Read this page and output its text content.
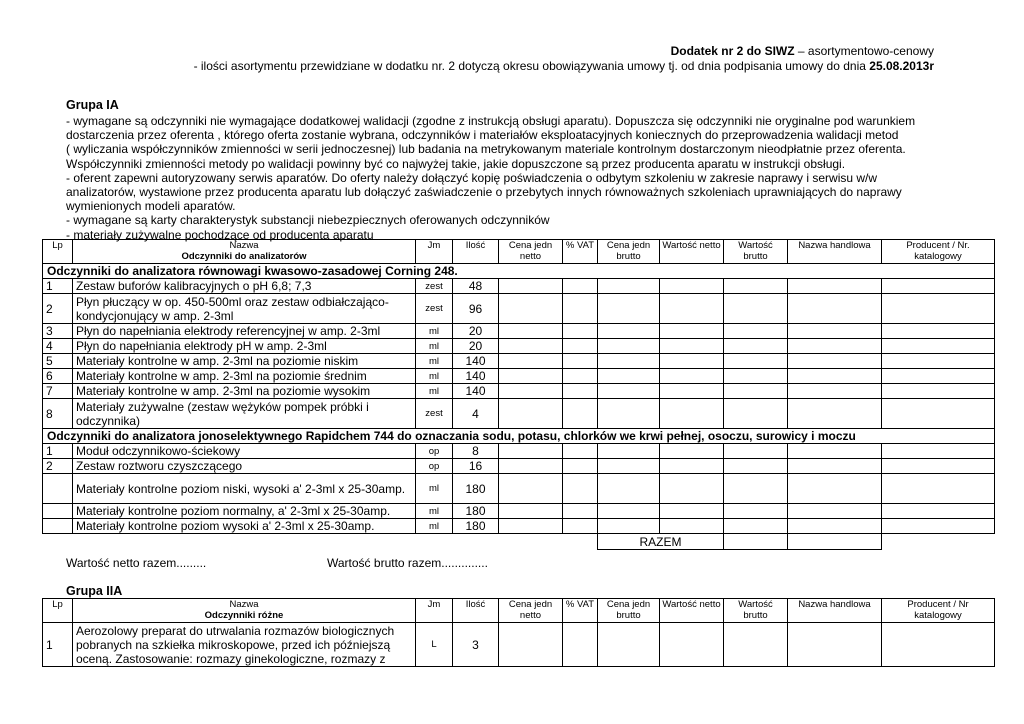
Dodatek nr 2 do SIWZ – asortymentowo-cenowy
- ilości asortymentu przewidziane w dodatku nr. 2 dotyczą okresu obowiązywania umowy tj. od dnia podpisania umowy do dnia 25.08.2013r
Grupa IA
- wymagane są odczynniki nie wymagające dodatkowej walidacji (zgodne z instrukcją obsługi aparatu). Dopuszcza się odczynniki nie oryginalne pod warunkiem
dostarczenia przez oferenta , którego oferta zostanie wybrana, odczynników i materiałów eksploatacyjnych koniecznych do przeprowadzenia walidacji metod
( wyliczania współczynników zmienności w serii jednoczesnej) lub badania na metrykowanym materiale kontrolnym dostarczonym nieodpłatnie przez oferenta.
Współczynniki zmienności metody po walidacji powinny być co najwyżej takie, jakie dopuszczone są przez producenta aparatu w instrukcji obsługi.
- oferent zapewni autoryzowany serwis aparatów. Do oferty należy dołączyć kopię poświadczenia o odbytym szkoleniu w zakresie naprawy i serwisu w/w
analizatorów, wystawione przez producenta aparatu lub dołączyć zaświadczenie o przebytych innych równoważnych szkoleniach uprawniających do naprawy
wymienionych modeli aparatów.
- wymagane są karty charakterystyk substancji niebezpiecznych oferowanych odczynników
- materiały zużywalne pochodzące od producenta aparatu
Lp	Nazwa
Odczynniki do analizatorów	Jm	Ilość	Cena jedn netto	% VAT	Cena jedn brutto	Wartość netto	Wartość brutto	Nazwa handlowa	Producent / Nr. katalogowy
Odczynniki do analizatora równowagi kwasowo-zasadowej Corning 248.										
1	Zestaw buforów kalibracyjnych o pH 6,8; 7,3	zest	48							
2	Płyn płuczący w op. 450-500ml oraz zestaw odbiałczająco-kondycjonujący w amp. 2-3ml	zest	96							
3	Płyn do napełniania elektrody referencyjnej w amp. 2-3ml	ml	20							
4	Płyn do napełniania elektrody pH w amp. 2-3ml	ml	20							
5	Materiały kontrolne w amp. 2-3ml na poziomie niskim	ml	140							
6	Materiały kontrolne w amp. 2-3ml na poziomie średnim	ml	140							
7	Materiały kontrolne w amp. 2-3ml na poziomie wysokim	ml	140							
8	Materiały zużywalne (zestaw wężyków pompek próbki i odczynnika)	zest	4							
Odczynniki do analizatora jonoselektywnego Rapidchem 744 do oznaczania sodu, potasu, chlorków we krwi pełnej, osoczu, surowicy i moczu										
1	Moduł odczynnikowo-ściekowy	op	8							
2	Zestaw roztworu czyszczącego	op	16							
	Materiały kontrolne poziom niski, wysoki a' 2-3ml x 25-30amp.	ml	180							
	Materiały kontrolne poziom normalny, a' 2-3ml x 25-30amp.	ml	180							
	Materiały kontrolne poziom wysoki a' 2-3ml x 25-30amp.	ml	180							
						RAZEM				
Wartość netto razem.........	Wartość brutto razem..............
Grupa IIA
Lp	Nazwa
Odczynniki różne	Jm	Ilość	Cena jedn netto	% VAT	Cena jedn brutto	Wartość netto	Wartość brutto	Nazwa handlowa	Producent / Nr katalogowy
1	Aerozolowy preparat do utrwalania rozmazów biologicznych pobranych na szkiełka mikroskopowe, przed ich późniejszą oceną. Zastosowanie: rozmazy ginekologiczne, rozmazy z	L	3							
